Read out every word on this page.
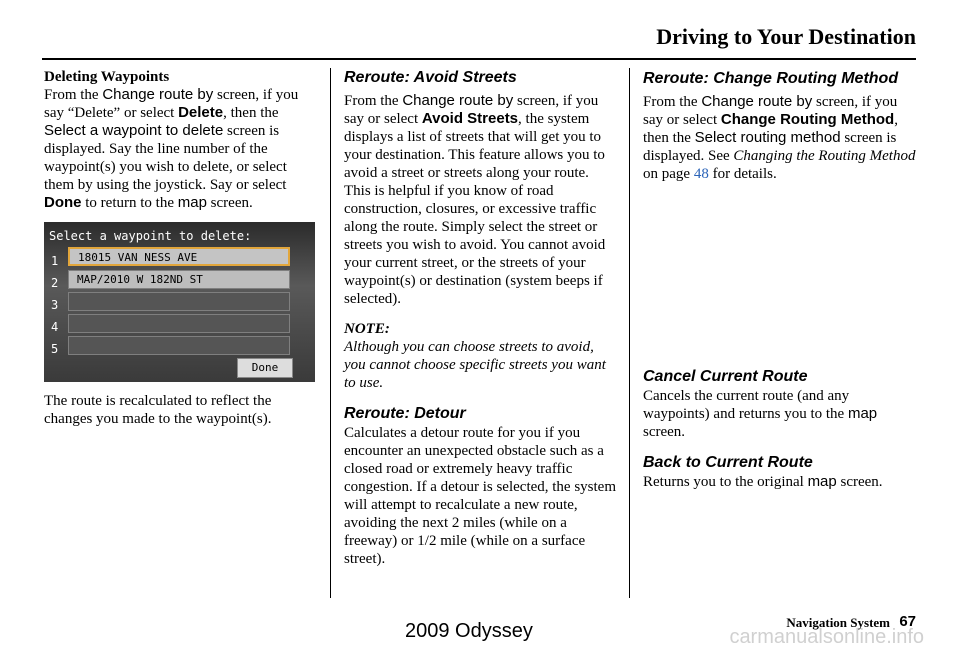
Driving to Your Destination
Deleting Waypoints

From the Change route by screen, if you say “Delete” or select Delete, then the Select a waypoint to delete screen is displayed. Say the line number of the waypoint(s) you wish to delete, or select them by using the joystick. Say or select Done to return to the map screen.

Select a waypoint to delete:
1	18015 VAN NESS AVE
2	MAP/2010 W 182ND ST
3
4
5
Done

The route is recalculated to reflect the changes you made to the waypoint(s).

Reroute: Avoid Streets

From the Change route by screen, if you say or select Avoid Streets, the system displays a list of streets that will get you to your destination. This feature allows you to avoid a street or streets along your route. This is helpful if you know of road construction, closures, or excessive traffic along the route. Simply select the street or streets you wish to avoid. You cannot avoid your current street, or the streets of your waypoint(s) or destination (system beeps if selected).

NOTE:

Although you can choose streets to avoid, you cannot choose specific streets you want to use.

Reroute: Detour

Calculates a detour route for you if you encounter an unexpected obstacle such as a closed road or extremely heavy traffic congestion. If a detour is selected, the system will attempt to recalculate a new route, avoiding the next 2 miles (while on a freeway) or 1/2 mile (while on a surface street).

Reroute: Change Routing Method

From the Change route by screen, if you say or select Change Routing Method, then the Select routing method screen is displayed. See Changing the Routing Method on page 48 for details.

Cancel Current Route

Cancels the current route (and any waypoints) and returns you to the map screen.

Back to Current Route

Returns you to the original map screen.

Navigation System 67
2009 Odyssey	carmanualsonline.info
